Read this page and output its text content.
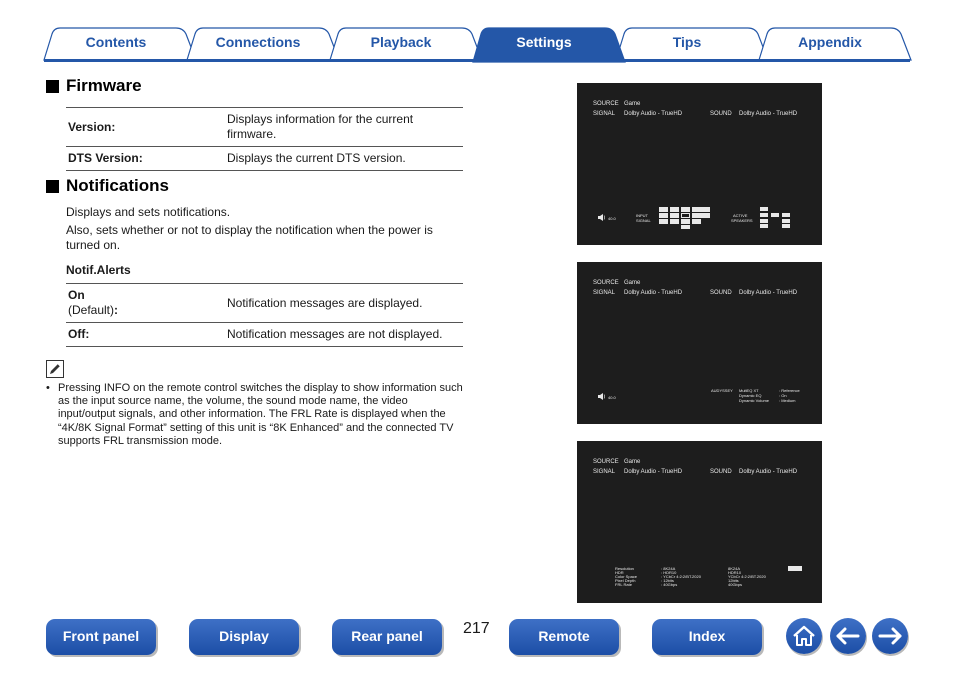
Contents	Connections	Playback	Settings	Tips	Appendix
Firmware
Version:	Displays information for the current firmware.
DTS Version:	Displays the current DTS version.
Notifications
Displays and sets notifications.
Also, sets whether or not to display the notification when the power is turned on.
Notif.Alerts
On
(Default):	Notification messages are displayed.
Off:	Notification messages are not displayed.
• Pressing INFO on the remote control switches the display to show information such as the input source name, the volume, the sound mode name, the video input/output signals, and other information. The FRL Rate is displayed when the “4K/8K Signal Format” setting of this unit is “8K Enhanced” and the connected TV supports FRL transmission mode.
SOURCE Game
SIGNAL Dolby Audio - TrueHD	SOUND Dolby Audio - TrueHD
40.0
INPUT
SIGNAL
ACTIVE
SPEAKERS
SOURCE Game
SIGNAL Dolby Audio - TrueHD	SOUND Dolby Audio - TrueHD
40.0
AUDYSSEY MultEQ XT	: Reference
Dynamic EQ	: On
Dynamic Volume : Medium
SOURCE Game
SIGNAL Dolby Audio - TrueHD	SOUND Dolby Audio - TrueHD
Resolution
HDR
Color Space
Pixel Depth
FRL Rate
: 8K24A
: HDR10
: YCbCr 4:2:2/BT.2020
: 12bits
: 40Gbps
8K24A
HDR10
YCbCr 4:2:2/BT.2020
12bits
40Gbps
Front panel	Display	Rear panel	217	Remote	Index
